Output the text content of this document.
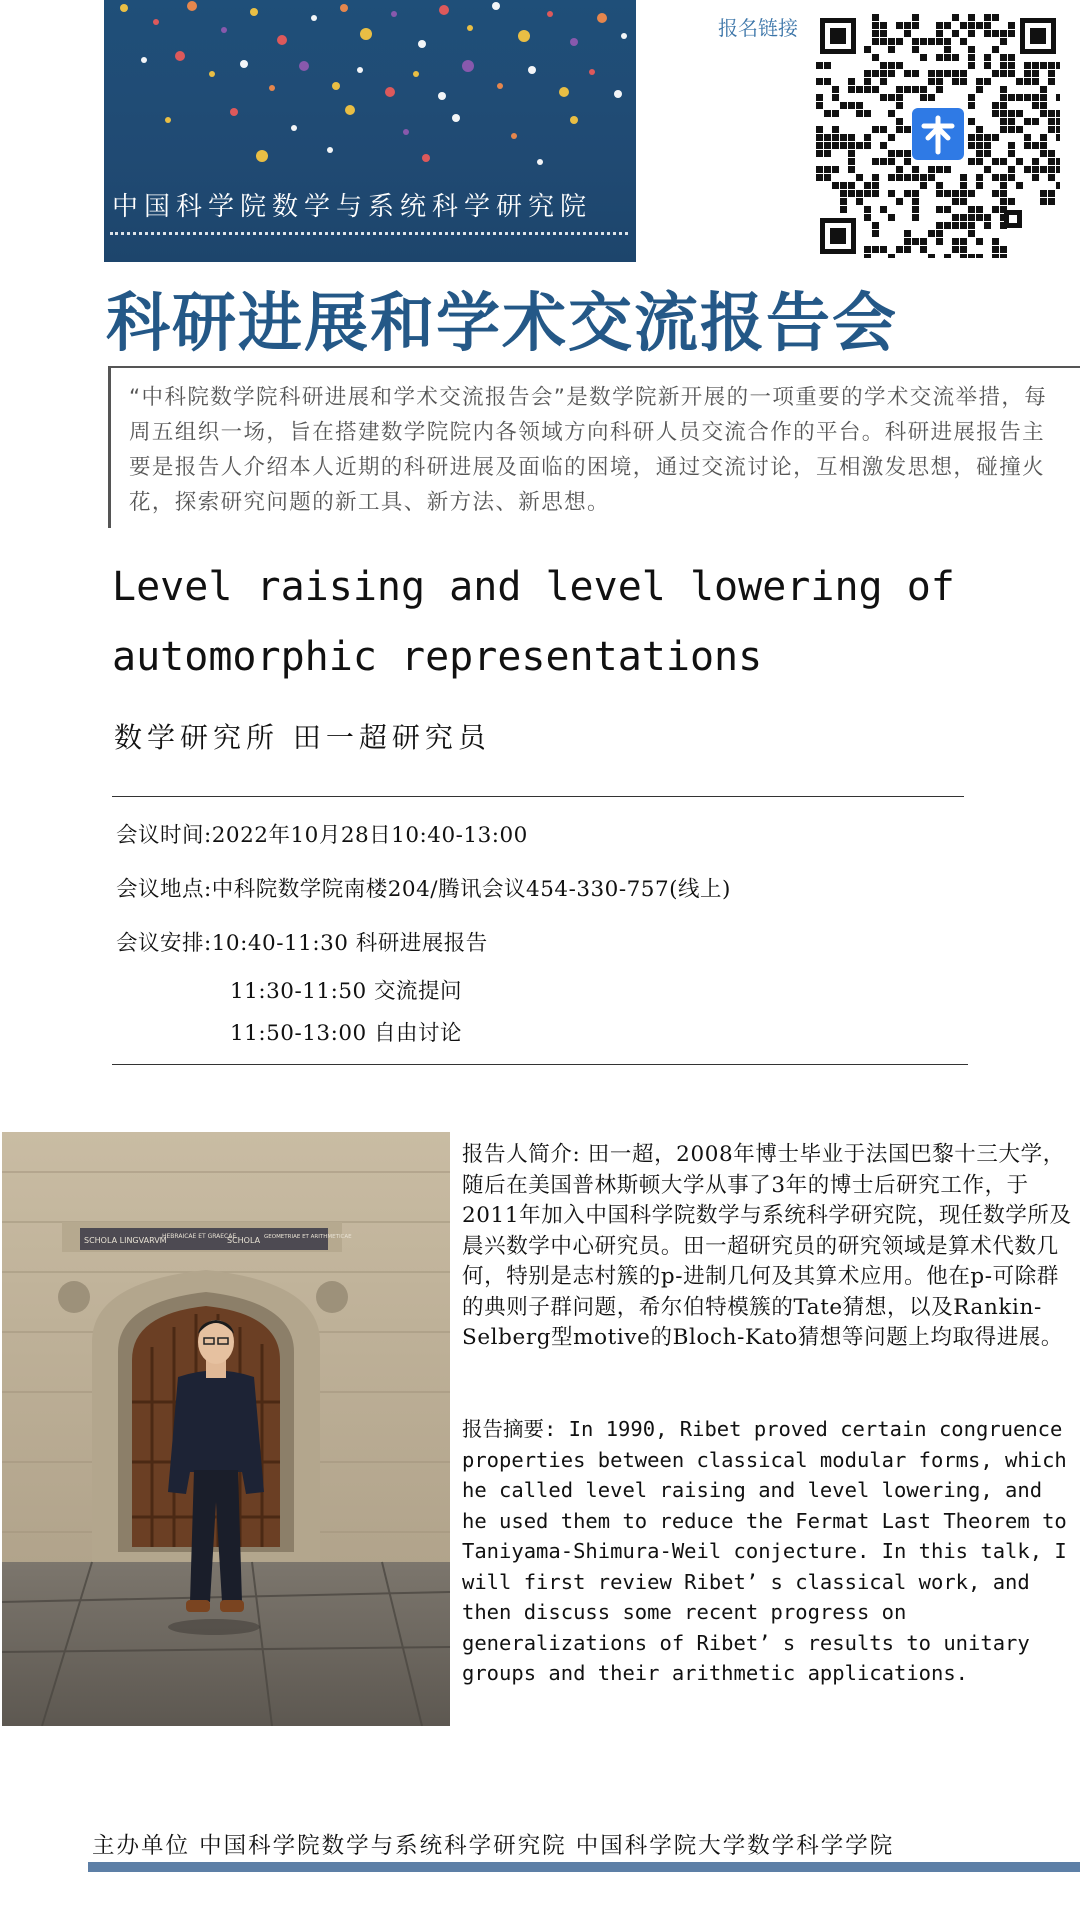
中国科学院数学与系统科学研究院
报名链接
科研进展和学术交流报告会
“中科院数学院科研进展和学术交流报告会”是数学院新开展的一项重要的学术交流举措，每周五组织一场，旨在搭建数学院院内各领域方向科研人员交流合作的平台。科研进展报告主要是报告人介绍本人近期的科研进展及面临的困境，通过交流讨论，互相激发思想，碰撞火花，探索研究问题的新工具、新方法、新思想。
Level raising and level lowering of automorphic representations
数学研究所 田一超研究员
会议时间:2022年10月28日10:40-13:00
会议地点:中科院数学院南楼204/腾讯会议454-330-757(线上)
会议安排:10:40-11:30 科研进展报告
11:30-11:50 交流提问
11:50-13:00 自由讨论
SCHOLA LINGVARVM
HEBRAICAE ET GRAECAE
SCHOLA GEOMETRIAE ET ARITHMETICAE
报告人简介: 田一超，2008年博士毕业于法国巴黎十三大学，随后在美国普林斯顿大学从事了3年的博士后研究工作，于2011年加入中国科学院数学与系统科学研究院，现任数学所及晨兴数学中心研究员。田一超研究员的研究领域是算术代数几何，特别是志村簇的p-进制几何及其算术应用。他在p-可除群的典则子群问题，希尔伯特模簇的Tate猜想，以及Rankin-Selberg型motive的Bloch-Kato猜想等问题上均取得进展。
报告摘要: In 1990, Ribet proved certain congruence properties between classical modular forms, which he called level raising and level lowering, and he used them to reduce the Fermat Last Theorem to Taniyama-Shimura-Weil conjecture. In this talk, I will first review Ribet’ s classical work, and then discuss some recent progress on generalizations of Ribet’ s results to unitary groups and their arithmetic applications.
主办单位 中国科学院数学与系统科学研究院 中国科学院大学数学科学学院
